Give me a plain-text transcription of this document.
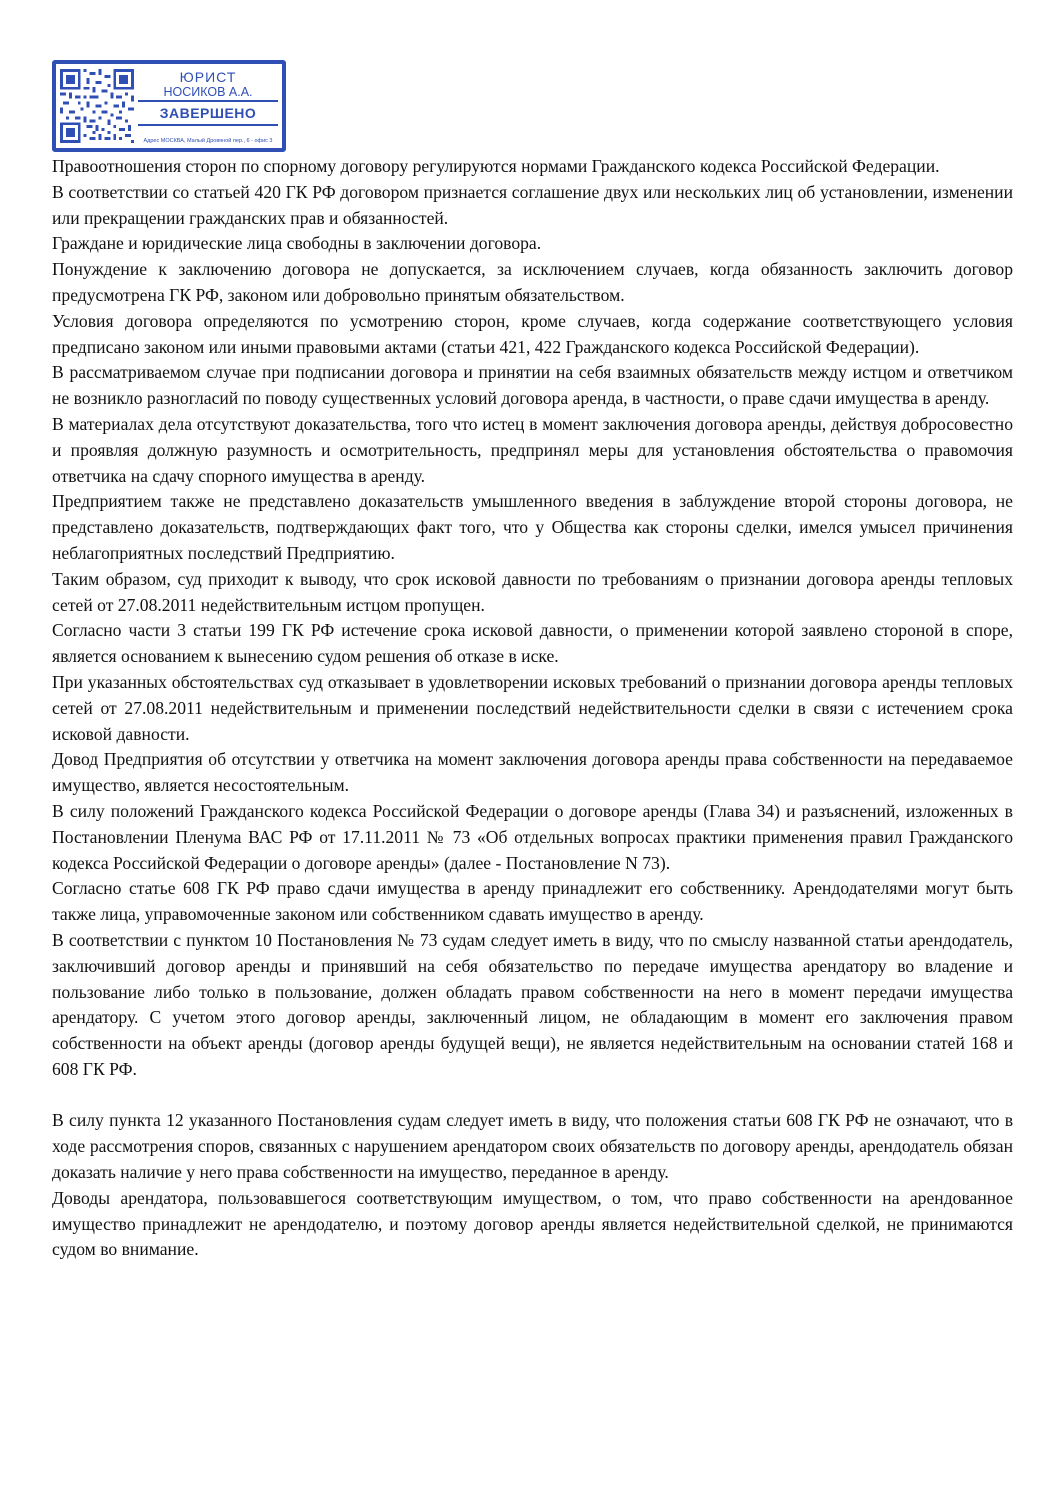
ЮРИСТ
НОСИКОВ А.А.
ЗАВЕРШЕНО
Адрес МОСКВА, Малый Дровяной пер., 6 - офис 3

Правоотношения сторон по спорному договору регулируются нормами Гражданского кодекса Российской Федерации.

В соответствии со статьей 420 ГК РФ договором признается соглашение двух или нескольких лиц об установлении, изменении или прекращении гражданских прав и обязанностей.

Граждане и юридические лица свободны в заключении договора.

Понуждение к заключению договора не допускается, за исключением случаев, когда обязанность заключить договор предусмотрена ГК РФ, законом или добровольно принятым обязательством.

Условия договора определяются по усмотрению сторон, кроме случаев, когда содержание соответствующего условия предписано законом или иными правовыми актами (статьи 421, 422 Гражданского кодекса Российской Федерации).

В рассматриваемом случае при подписании договора и принятии на себя взаимных обязательств между истцом и ответчиком не возникло разногласий по поводу существенных условий договора аренда, в частности, о праве сдачи имущества в аренду.

В материалах дела отсутствуют доказательства, того что истец в момент заключения договора аренды, действуя добросовестно и проявляя должную разумность и осмотрительность, предпринял меры для установления обстоятельства о правомочия ответчика на сдачу спорного имущества в аренду.

Предприятием также не представлено доказательств умышленного введения в заблуждение второй стороны договора, не представлено доказательств, подтверждающих факт того, что у Общества как стороны сделки, имелся умысел причинения неблагоприятных последствий Предприятию.

Таким образом, суд приходит к выводу, что срок исковой давности по требованиям о признании договора аренды тепловых сетей от 27.08.2011 недействительным истцом пропущен.

Согласно части 3 статьи 199 ГК РФ истечение срока исковой давности, о применении которой заявлено стороной в споре, является основанием к вынесению судом решения об отказе в иске.

При указанных обстоятельствах суд отказывает в удовлетворении исковых требований о признании договора аренды тепловых сетей от 27.08.2011 недействительным и применении последствий недействительности сделки в связи с истечением срока исковой давности.

Довод Предприятия об отсутствии у ответчика на момент заключения договора аренды права собственности на передаваемое имущество, является несостоятельным.

В силу положений Гражданского кодекса Российской Федерации о договоре аренды (Глава 34) и разъяснений, изложенных в Постановлении Пленума ВАС РФ от 17.11.2011 № 73 «Об отдельных вопросах практики применения правил Гражданского кодекса Российской Федерации о договоре аренды» (далее - Постановление N 73).

Согласно статье 608 ГК РФ право сдачи имущества в аренду принадлежит его собственнику. Арендодателями могут быть также лица, управомоченные законом или собственником сдавать имущество в аренду.

В соответствии с пунктом 10 Постановления № 73 судам следует иметь в виду, что по смыслу названной статьи арендодатель, заключивший договор аренды и принявший на себя обязательство по передаче имущества арендатору во владение и пользование либо только в пользование, должен обладать правом собственности на него в момент передачи имущества арендатору. С учетом этого договор аренды, заключенный лицом, не обладающим в момент его заключения правом собственности на объект аренды (договор аренды будущей вещи), не является недействительным на основании статей 168 и 608 ГК РФ.

В силу пункта 12 указанного Постановления судам следует иметь в виду, что положения статьи 608 ГК РФ не означают, что в ходе рассмотрения споров, связанных с нарушением арендатором своих обязательств по договору аренды, арендодатель обязан доказать наличие у него права собственности на имущество, переданное в аренду.

Доводы арендатора, пользовавшегося соответствующим имуществом, о том, что право собственности на арендованное имущество принадлежит не арендодателю, и поэтому договор аренды является недействительной сделкой, не принимаются судом во внимание.
